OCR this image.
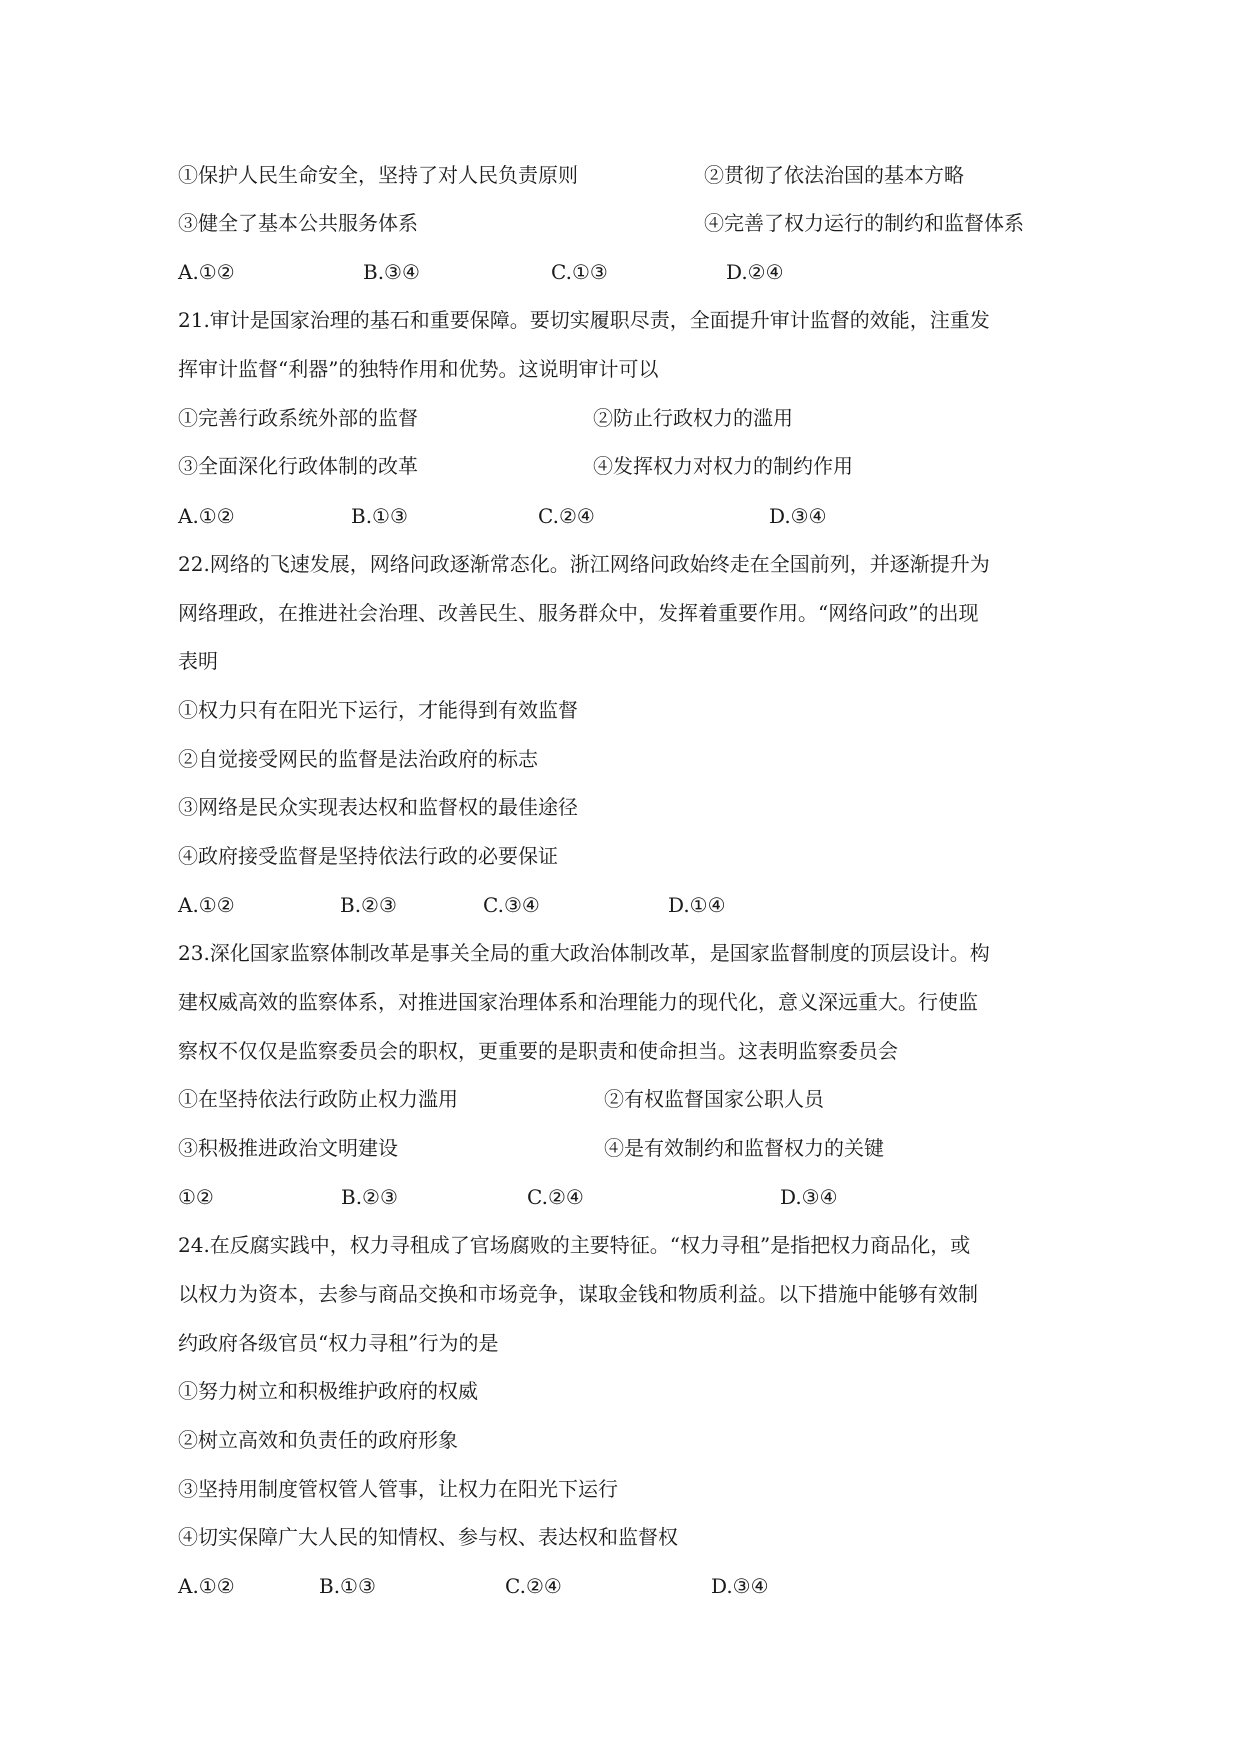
①保护人民生命安全，坚持了对人民负责原则	②贯彻了依法治国的基本方略
③健全了基本公共服务体系	④完善了权力运行的制约和监督体系
A.①②	B.③④	C.①③	D.②④
21.审计是国家治理的基石和重要保障。要切实履职尽责，全面提升审计监督的效能，注重发
挥审计监督“利器”的独特作用和优势。这说明审计可以
①完善行政系统外部的监督	②防止行政权力的滥用
③全面深化行政体制的改革	④发挥权力对权力的制约作用
A.①②	B.①③	C.②④	D.③④
22.网络的飞速发展，网络问政逐渐常态化。浙江网络问政始终走在全国前列，并逐渐提升为
网络理政，在推进社会治理、改善民生、服务群众中，发挥着重要作用。“网络问政”的出现
表明
①权力只有在阳光下运行，才能得到有效监督
②自觉接受网民的监督是法治政府的标志
③网络是民众实现表达权和监督权的最佳途径
④政府接受监督是坚持依法行政的必要保证
A.①②	B.②③	C.③④	D.①④
23.深化国家监察体制改革是事关全局的重大政治体制改革，是国家监督制度的顶层设计。构
建权威高效的监察体系，对推进国家治理体系和治理能力的现代化，意义深远重大。行使监
察权不仅仅是监察委员会的职权，更重要的是职责和使命担当。这表明监察委员会
①在坚持依法行政防止权力滥用	②有权监督国家公职人员
③积极推进政治文明建设	④是有效制约和监督权力的关键
①②	B.②③	C.②④	D.③④
24.在反腐实践中，权力寻租成了官场腐败的主要特征。“权力寻租”是指把权力商品化，或
以权力为资本，去参与商品交换和市场竞争，谋取金钱和物质利益。以下措施中能够有效制
约政府各级官员“权力寻租”行为的是
①努力树立和积极维护政府的权威
②树立高效和负责任的政府形象
③坚持用制度管权管人管事，让权力在阳光下运行
④切实保障广大人民的知情权、参与权、表达权和监督权
A.①②	B.①③	C.②④	D.③④
